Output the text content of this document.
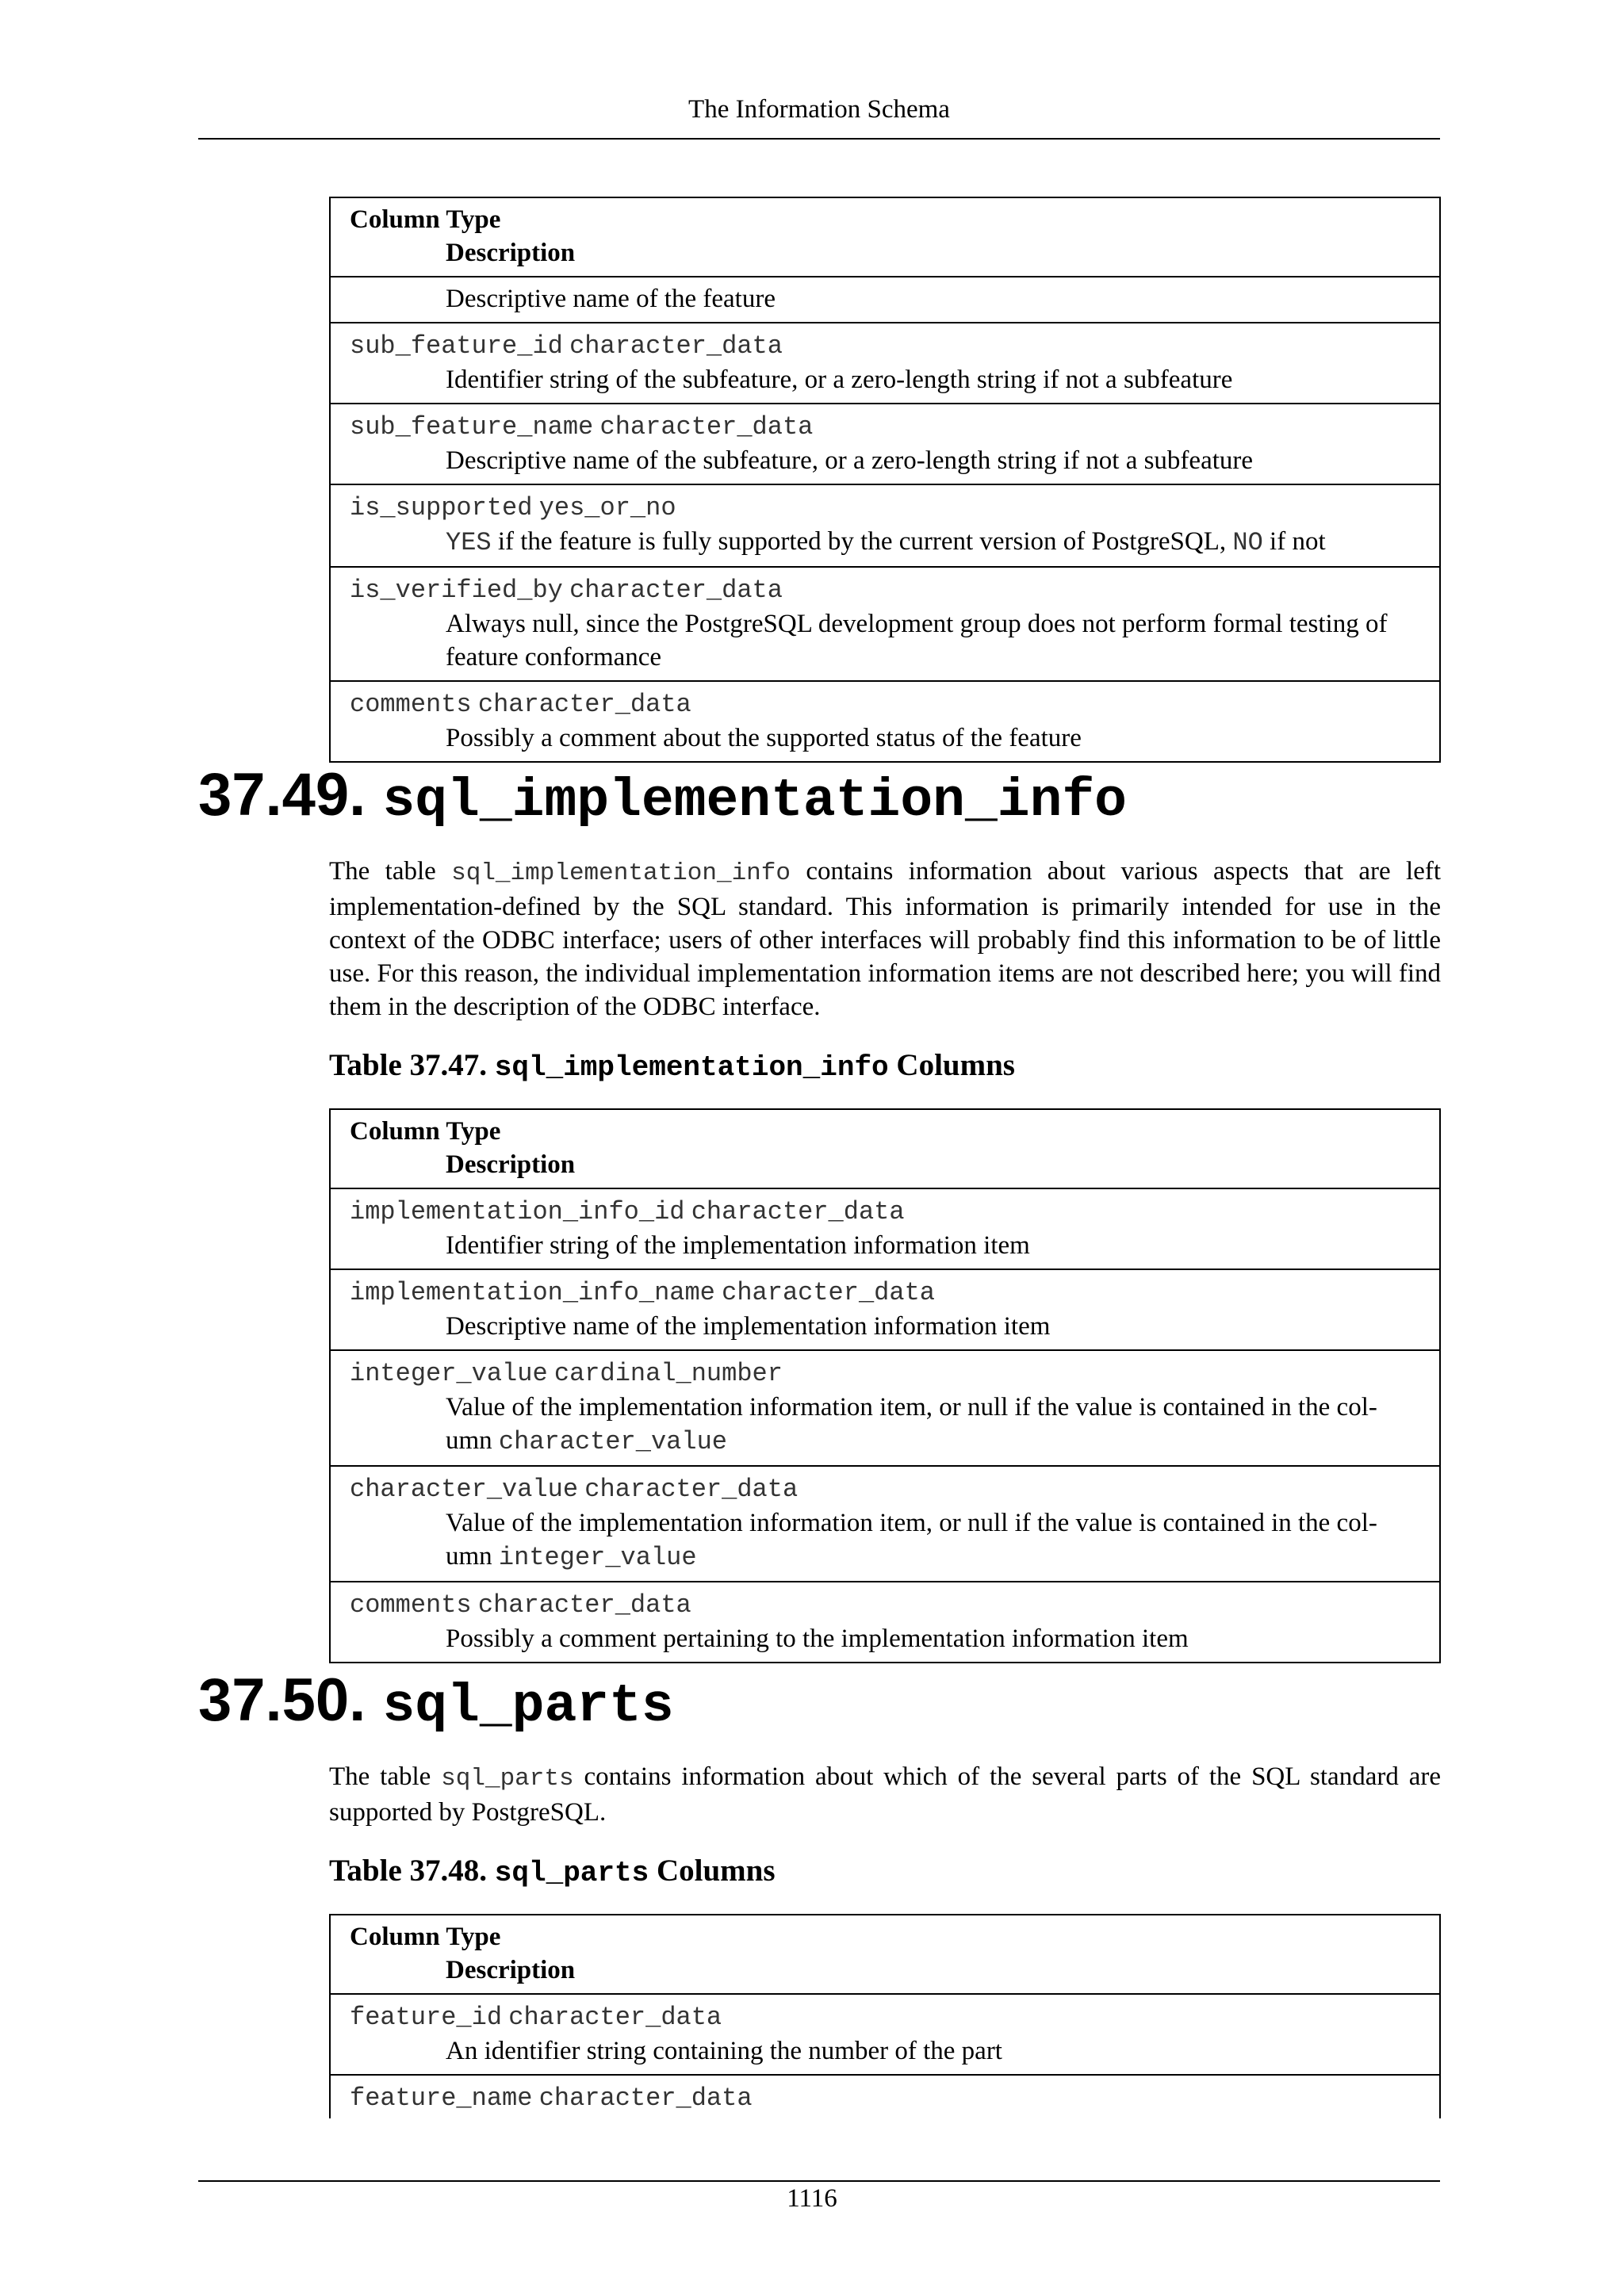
The Information Schema
Column Type
Description
Descriptive name of the feature
sub_feature_id character_data
Identifier string of the subfeature, or a zero-length string if not a subfeature
sub_feature_name character_data
Descriptive name of the subfeature, or a zero-length string if not a subfeature
is_supported yes_or_no
YES if the feature is fully supported by the current version of PostgreSQL, NO if not
is_verified_by character_data
Always null, since the PostgreSQL development group does not perform formal testing of feature conformance
comments character_data
Possibly a comment about the supported status of the feature
37.49. sql_implementation_info
The table sql_implementation_info contains information about various aspects that are left implementation-defined by the SQL standard. This information is primarily intended for use in the context of the ODBC interface; users of other interfaces will probably find this information to be of little use. For this reason, the individual implementation information items are not described here; you will find them in the description of the ODBC interface.
Table 37.47. sql_implementation_info Columns
Column Type
Description
implementation_info_id character_data
Identifier string of the implementation information item
implementation_info_name character_data
Descriptive name of the implementation information item
integer_value cardinal_number
Value of the implementation information item, or null if the value is contained in the col- umn character_value
character_value character_data
Value of the implementation information item, or null if the value is contained in the col- umn integer_value
comments character_data
Possibly a comment pertaining to the implementation information item
37.50. sql_parts
The table sql_parts contains information about which of the several parts of the SQL standard are supported by PostgreSQL.
Table 37.48. sql_parts Columns
Column Type
Description
feature_id character_data
An identifier string containing the number of the part
feature_name character_data
1116
